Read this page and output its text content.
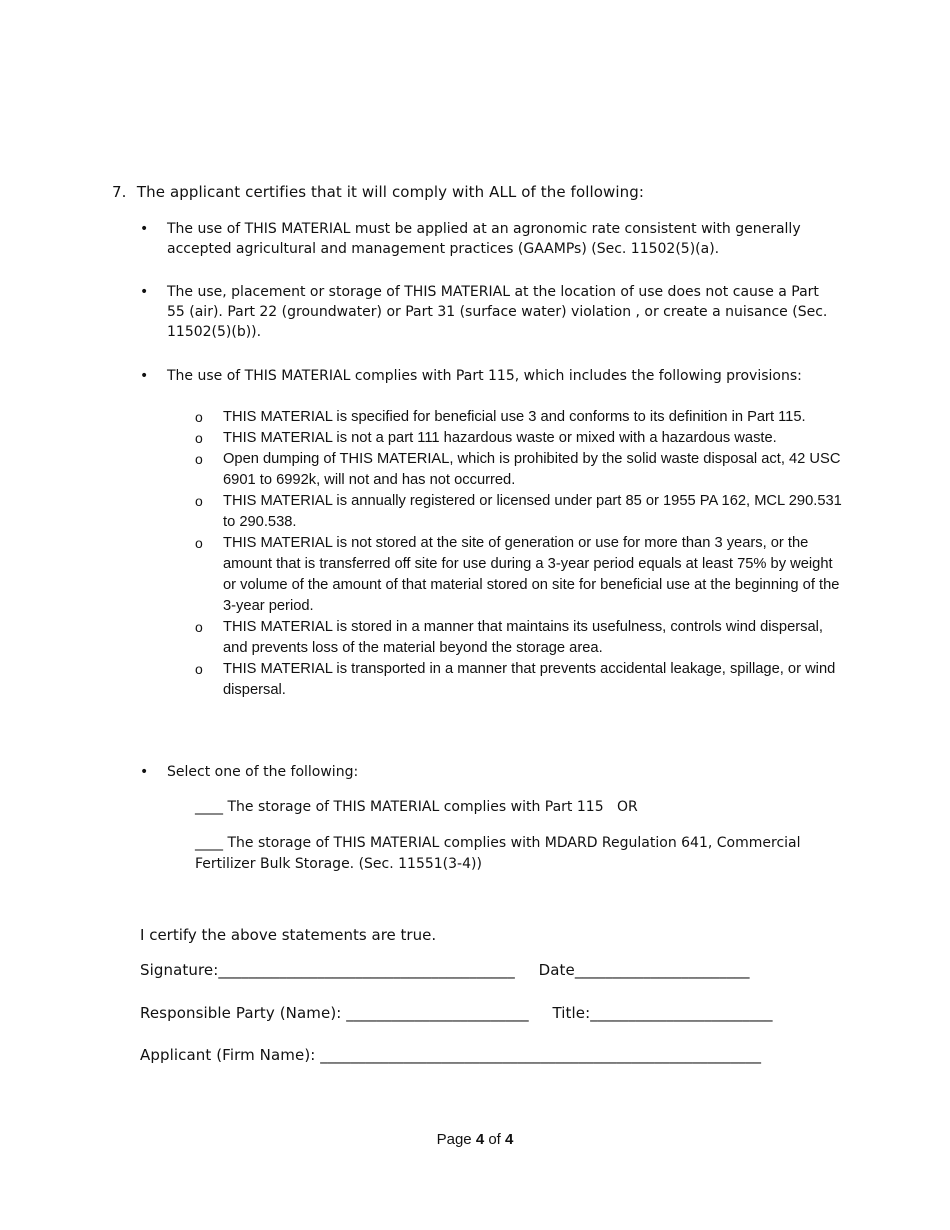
7. The applicant certifies that it will comply with ALL of the following:
• The use of THIS MATERIAL must be applied at an agronomic rate consistent with generally accepted agricultural and management practices (GAAMPs) (Sec. 11502(5)(a).
• The use, placement or storage of THIS MATERIAL at the location of use does not cause a Part 55 (air). Part 22 (groundwater) or Part 31 (surface water) violation , or create a nuisance (Sec. 11502(5)(b)).
• The use of THIS MATERIAL complies with Part 115, which includes the following provisions:
o THIS MATERIAL is specified for beneficial use 3 and conforms to its definition in Part 115.
o THIS MATERIAL is not a part 111 hazardous waste or mixed with a hazardous waste.
o Open dumping of THIS MATERIAL, which is prohibited by the solid waste disposal act, 42 USC 6901 to 6992k, will not and has not occurred.
o THIS MATERIAL is annually registered or licensed under part 85 or 1955 PA 162, MCL 290.531 to 290.538.
o THIS MATERIAL is not stored at the site of generation or use for more than 3 years, or the amount that is transferred off site for use during a 3-year period equals at least 75% by weight or volume of the amount of that material stored on site for beneficial use at the beginning of the 3-year period.
o THIS MATERIAL is stored in a manner that maintains its usefulness, controls wind dispersal, and prevents loss of the material beyond the storage area.
o THIS MATERIAL is transported in a manner that prevents accidental leakage, spillage, or wind dispersal.
• Select one of the following:
____ The storage of THIS MATERIAL complies with Part 115   OR
____ The storage of THIS MATERIAL complies with MDARD Regulation 641, Commercial Fertilizer Bulk Storage. (Sec. 11551(3-4))
I certify the above statements are true.
Signature:_______________________________________ Date_______________________
Responsible Party (Name): ________________________ Title:________________________
Applicant (Firm Name): __________________________________________________________
Page 4 of 4
